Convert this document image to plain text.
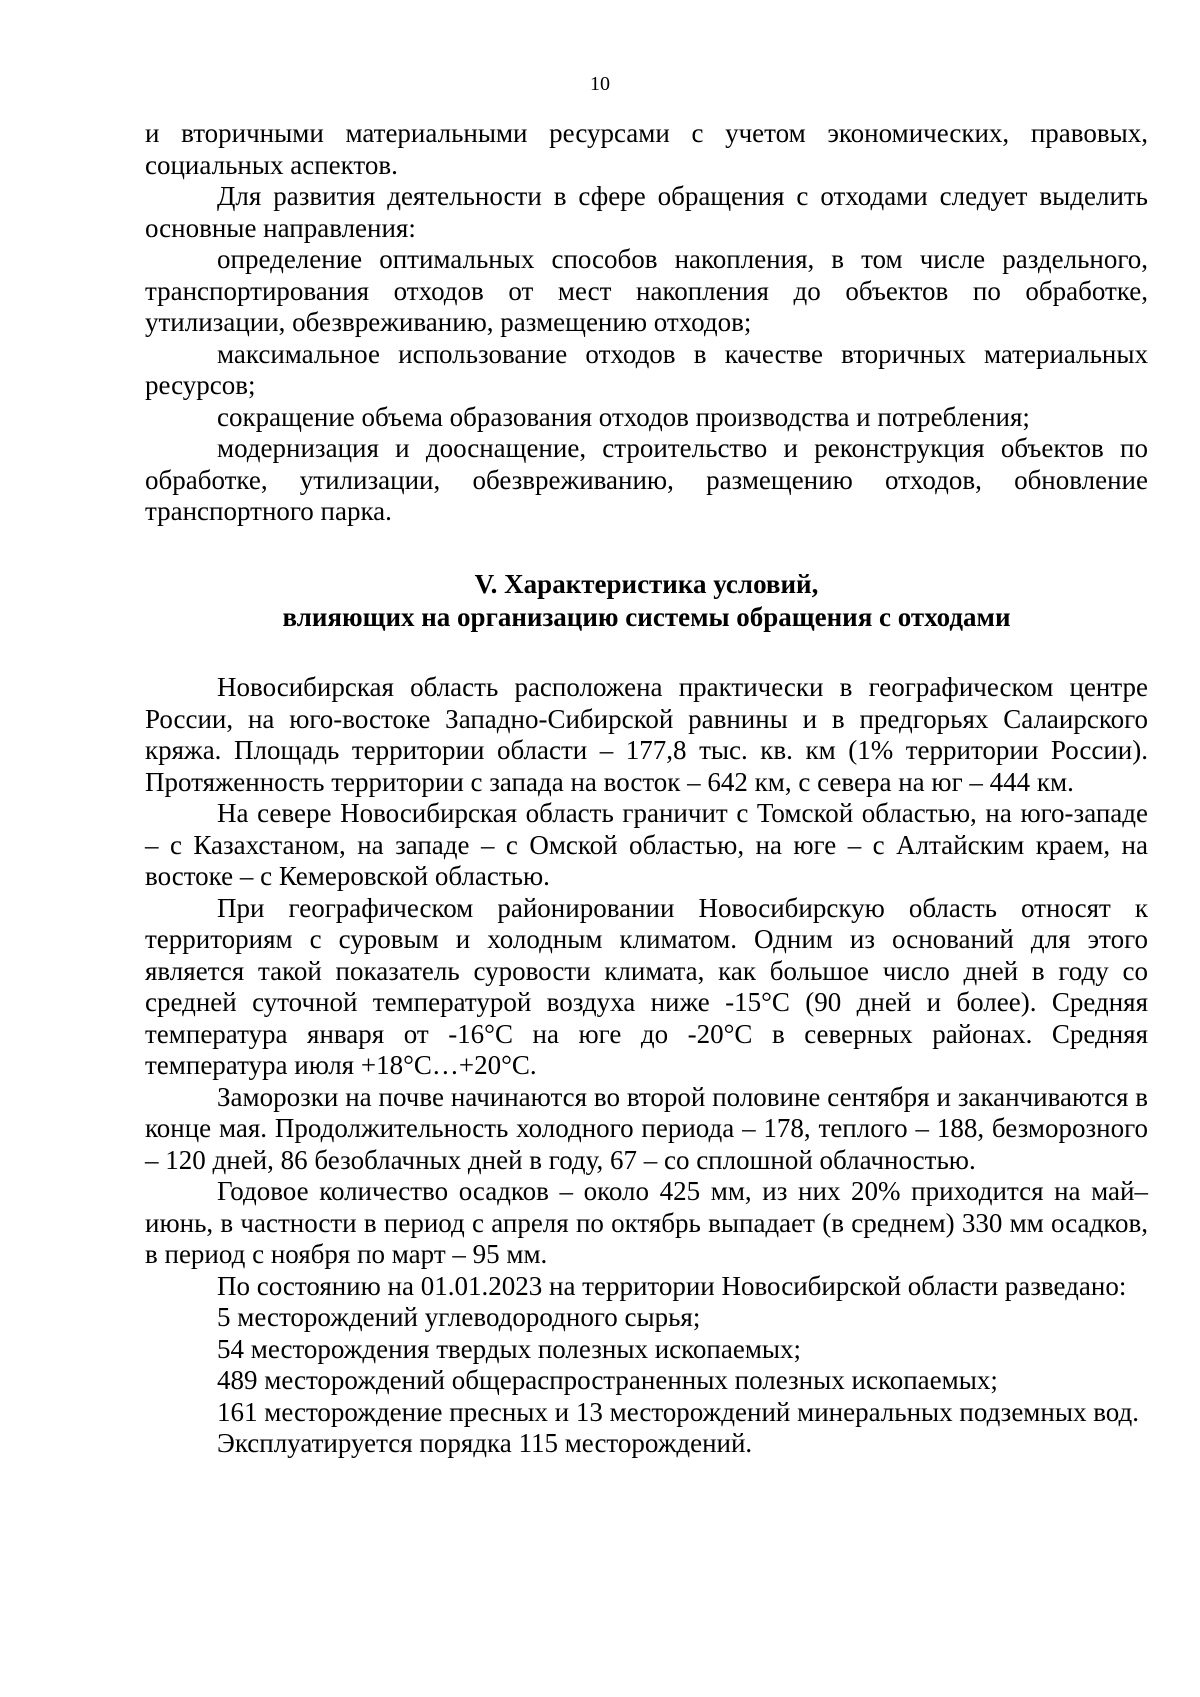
10

и вторичными материальными ресурсами с учетом экономических, правовых, социальных аспектов.

Для развития деятельности в сфере обращения с отходами следует выделить основные направления:

определение оптимальных способов накопления, в том числе раздельного, транспортирования отходов от мест накопления до объектов по обработке, утилизации, обезвреживанию, размещению отходов;

максимальное использование отходов в качестве вторичных материальных ресурсов;

сокращение объема образования отходов производства и потребления;

модернизация и дооснащение, строительство и реконструкция объектов по обработке, утилизации, обезвреживанию, размещению отходов, обновление транспортного парка.

V. Характеристика условий,
влияющих на организацию системы обращения с отходами

Новосибирская область расположена практически в географическом центре России, на юго-востоке Западно-Сибирской равнины и в предгорьях Салаирского кряжа. Площадь территории области – 177,8 тыс. кв. км (1% территории России). Протяженность территории с запада на восток – 642 км, с севера на юг – 444 км.

На севере Новосибирская область граничит с Томской областью, на юго-западе – с Казахстаном, на западе – с Омской областью, на юге – с Алтайским краем, на востоке – с Кемеровской областью.

При географическом районировании Новосибирскую область относят к территориям с суровым и холодным климатом. Одним из оснований для этого является такой показатель суровости климата, как большое число дней в году со средней суточной температурой воздуха ниже -15°C (90 дней и более). Средняя температура января от -16°C на юге до -20°C в северных районах. Средняя температура июля +18°C…+20°C.

Заморозки на почве начинаются во второй половине сентября и заканчиваются в конце мая. Продолжительность холодного периода – 178, теплого – 188, безморозного – 120 дней, 86 безоблачных дней в году, 67 – со сплошной облачностью.

Годовое количество осадков – около 425 мм, из них 20% приходится на май–июнь, в частности в период с апреля по октябрь выпадает (в среднем) 330 мм осадков, в период с ноября по март – 95 мм.

По состоянию на 01.01.2023 на территории Новосибирской области разведано:

5 месторождений углеводородного сырья;

54 месторождения твердых полезных ископаемых;

489 месторождений общераспространенных полезных ископаемых;

161 месторождение пресных и 13 месторождений минеральных подземных вод.

Эксплуатируется порядка 115 месторождений.
